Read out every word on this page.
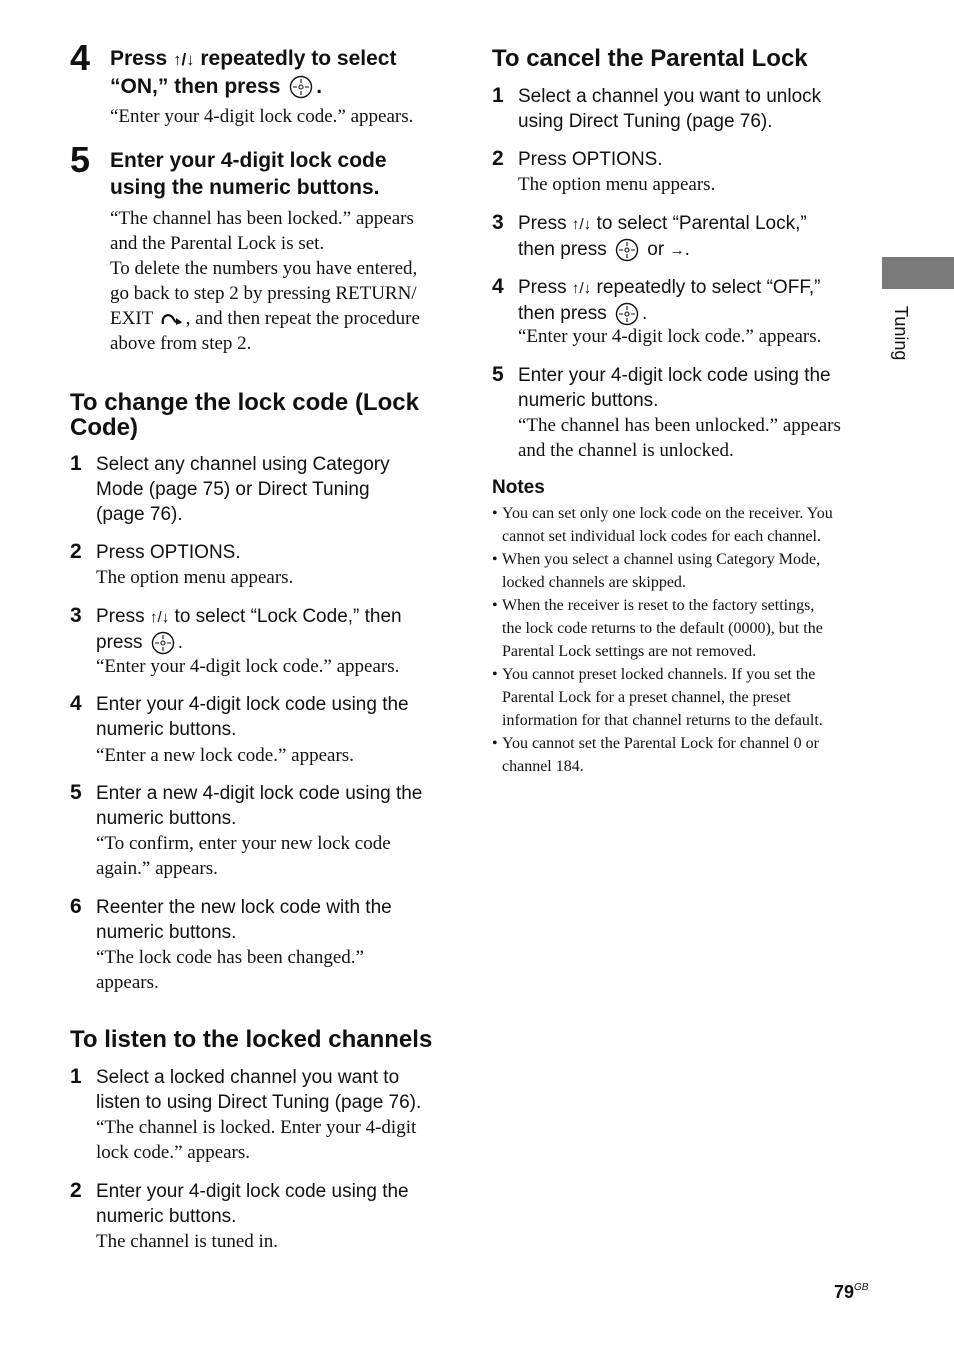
Tuning
4 Press ↑/↓ repeatedly to select
“ON,” then press .
“Enter your 4-digit lock code.” appears.
5 Enter your 4-digit lock code
using the numeric buttons.
“The channel has been locked.” appears
and the Parental Lock is set.
To delete the numbers you have entered,
go back to step 2 by pressing RETURN/
EXIT , and then repeat the procedure
above from step 2.
To change the lock code (Lock
Code)
1 Select any channel using Category
Mode (page 75) or Direct Tuning
(page 76).
2 Press OPTIONS.
The option menu appears.
3 Press ↑/↓ to select “Lock Code,” then
press .
“Enter your 4-digit lock code.” appears.
4 Enter your 4-digit lock code using the
numeric buttons.
“Enter a new lock code.” appears.
5 Enter a new 4-digit lock code using the
numeric buttons.
“To confirm, enter your new lock code
again.” appears.
6 Reenter the new lock code with the
numeric buttons.
“The lock code has been changed.”
appears.
To listen to the locked channels
1 Select a locked channel you want to
listen to using Direct Tuning (page 76).
“The channel is locked. Enter your 4-digit
lock code.” appears.
2 Enter your 4-digit lock code using the
numeric buttons.
The channel is tuned in.
To cancel the Parental Lock
1 Select a channel you want to unlock
using Direct Tuning (page 76).
2 Press OPTIONS.
The option menu appears.
3 Press ↑/↓ to select “Parental Lock,”
then press  or →.
4 Press ↑/↓ repeatedly to select “OFF,”
then press .
“Enter your 4-digit lock code.” appears.
5 Enter your 4-digit lock code using the
numeric buttons.
“The channel has been unlocked.” appears
and the channel is unlocked.
Notes
• You can set only one lock code on the receiver. You
cannot set individual lock codes for each channel.
• When you select a channel using Category Mode,
locked channels are skipped.
• When the receiver is reset to the factory settings,
the lock code returns to the default (0000), but the
Parental Lock settings are not removed.
• You cannot preset locked channels. If you set the
Parental Lock for a preset channel, the preset
information for that channel returns to the default.
• You cannot set the Parental Lock for channel 0 or
channel 184.
$79^{GB}$
